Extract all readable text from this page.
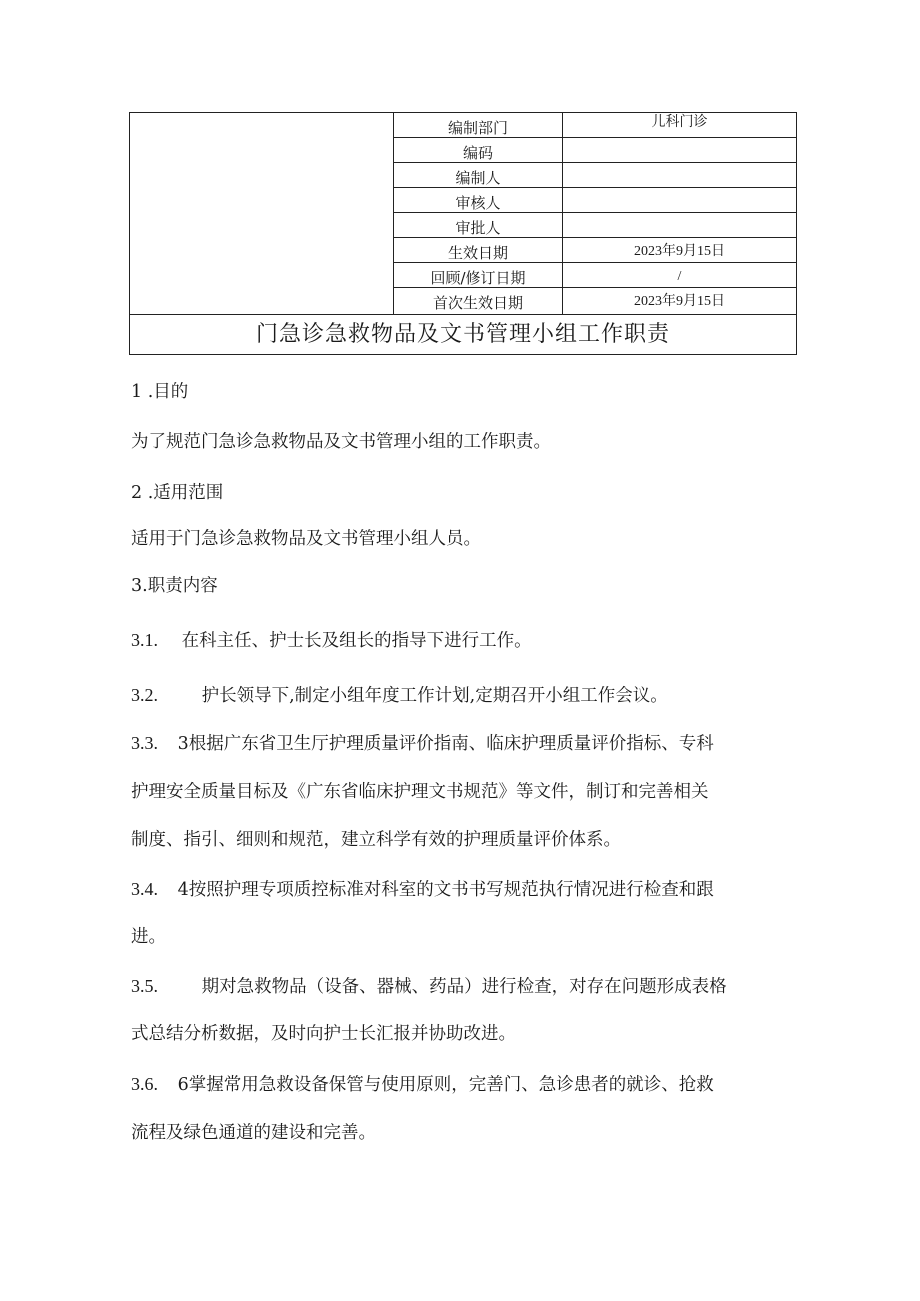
编制部门	儿科门诊
编码
编制人
审核人
审批人
生效日期	2023年9月15日
回顾/修订日期	/
首次生效日期	2023年9月15日
门急诊急救物品及文书管理小组工作职责
1 .目的
为了规范门急诊急救物品及文书管理小组的工作职责。
2 .适用范围
适用于门急诊急救物品及文书管理小组人员。
3.职责内容
3.1. 在科主任、护士长及组长的指导下进行工作。
3.2. 护长领导下,制定小组年度工作计划,定期召开小组工作会议。
3.3. 3根据广东省卫生厅护理质量评价指南、临床护理质量评价指标、专科
护理安全质量目标及《广东省临床护理文书规范》等文件，制订和完善相关
制度、指引、细则和规范，建立科学有效的护理质量评价体系。
3.4. 4按照护理专项质控标准对科室的文书书写规范执行情况进行检查和跟
进。
3.5. 期对急救物品（设备、器械、药品）进行检查，对存在问题形成表格
式总结分析数据，及时向护士长汇报并协助改进。
3.6. 6掌握常用急救设备保管与使用原则，完善门、急诊患者的就诊、抢救
流程及绿色通道的建设和完善。
